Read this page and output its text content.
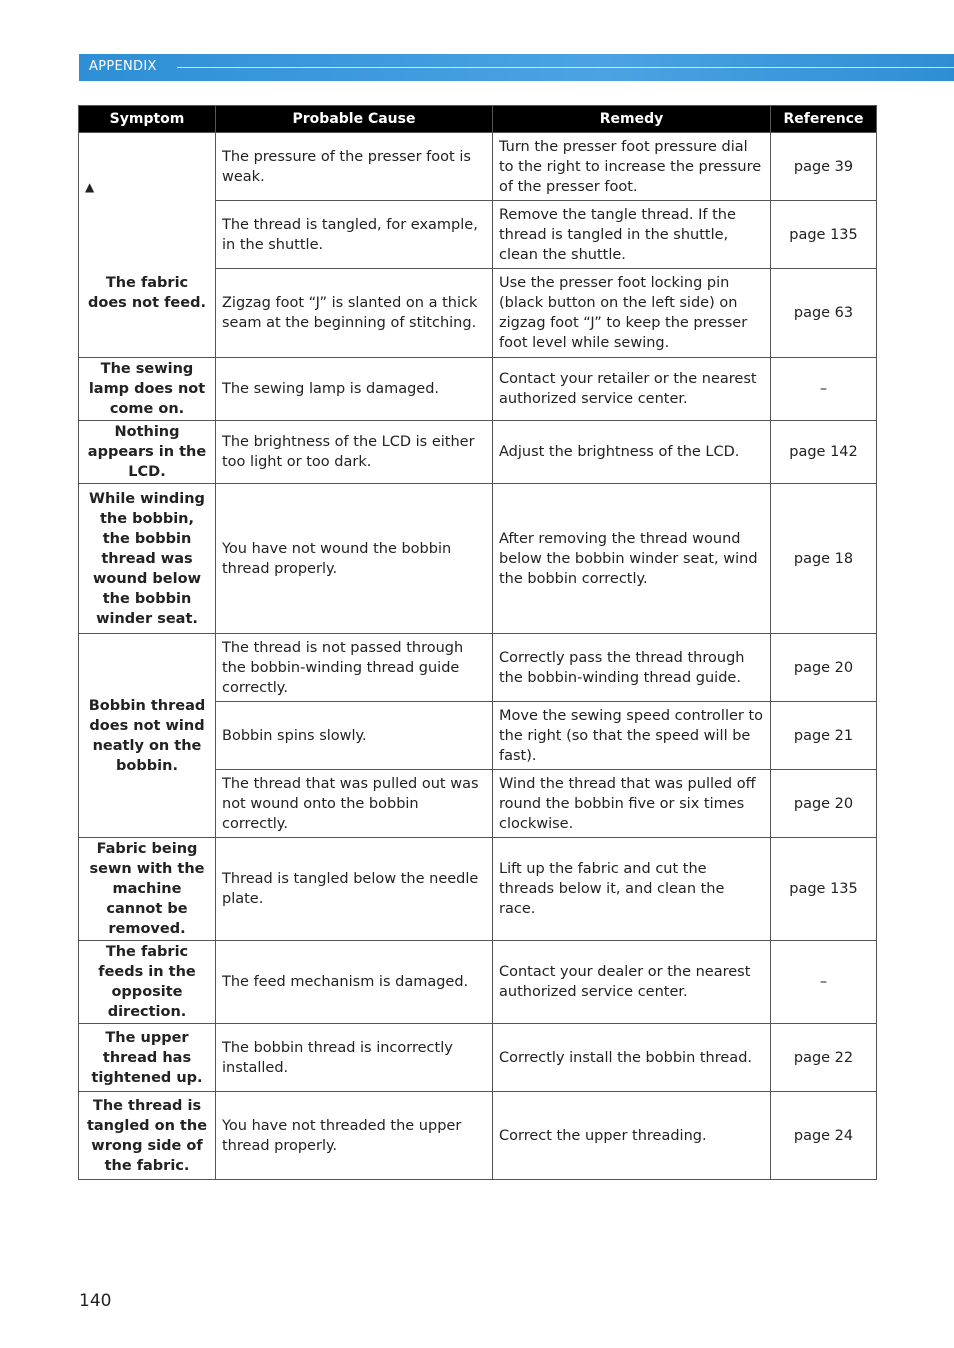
APPENDIX
Symptom	Probable Cause	Remedy	Reference

▲
The fabric does not feed.	The pressure of the presser foot is weak.	Turn the presser foot pressure dial to the right to increase the pressure of the presser foot.	page 39
	The thread is tangled, for example, in the shuttle.	Remove the tangle thread. If the thread is tangled in the shuttle, clean the shuttle.	page 135
	Zigzag foot “J” is slanted on a thick seam at the beginning of stitching.	Use the presser foot locking pin (black button on the left side) on zigzag foot “J” to keep the presser foot level while sewing.	page 63
The sewing lamp does not come on.	The sewing lamp is damaged.	Contact your retailer or the nearest authorized service center.	–
Nothing appears in the LCD.	The brightness of the LCD is either too light or too dark.	Adjust the brightness of the LCD.	page 142
While winding the bobbin, the bobbin thread was wound below the bobbin winder seat.	You have not wound the bobbin thread properly.	After removing the thread wound below the bobbin winder seat, wind the bobbin correctly.	page 18
Bobbin thread does not wind neatly on the bobbin.	The thread is not passed through the bobbin-winding thread guide correctly.	Correctly pass the thread through the bobbin-winding thread guide.	page 20
	Bobbin spins slowly.	Move the sewing speed controller to the right (so that the speed will be fast).	page 21
	The thread that was pulled out was not wound onto the bobbin correctly.	Wind the thread that was pulled off round the bobbin five or six times clockwise.	page 20
Fabric being sewn with the machine cannot be removed.	Thread is tangled below the needle plate.	Lift up the fabric and cut the threads below it, and clean the race.	page 135
The fabric feeds in the opposite direction.	The feed mechanism is damaged.	Contact your dealer or the nearest authorized service center.	–
The upper thread has tightened up.	The bobbin thread is incorrectly installed.	Correctly install the bobbin thread.	page 22
The thread is tangled on the wrong side of the fabric.	You have not threaded the upper thread properly.	Correct the upper threading.	page 24
140
